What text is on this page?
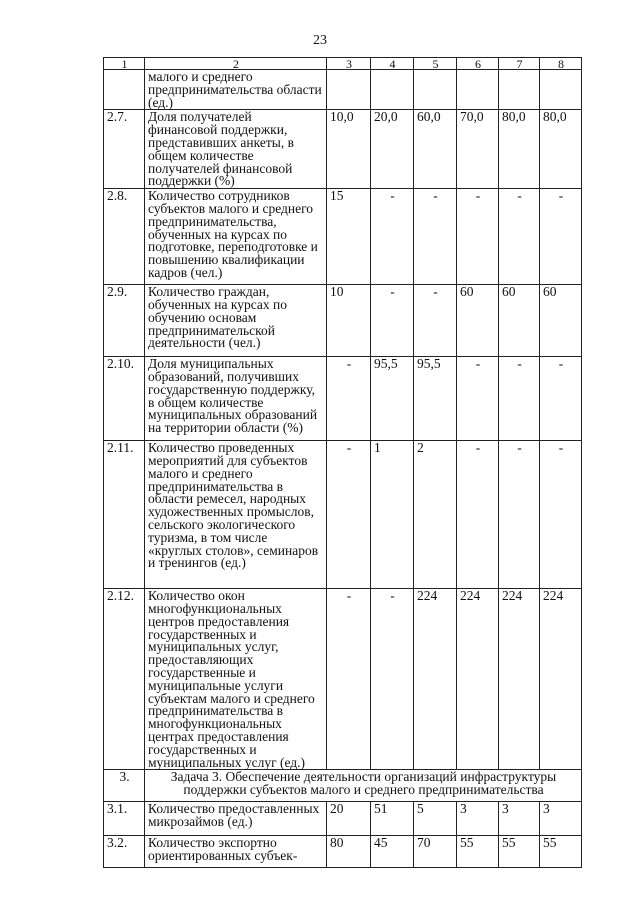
23
1	2	3	4	5	6	7	8
	малого и среднего предпринимательства области (ед.)						
2.7.	Доля получателей финансовой поддержки, представивших анкеты, в общем количестве получателей финансовой поддержки (%)	10,0	20,0	60,0	70,0	80,0	80,0
2.8.	Количество сотрудников субъектов малого и среднего предпринимательства, обученных на курсах по подготовке, переподготовке и повышению квалификации кадров (чел.)	15	-	-	-	-	-
2.9.	Количество граждан, обученных на курсах по обучению основам предпринимательской деятельности (чел.)	10	-	-	60	60	60
2.10.	Доля муниципальных образований, получивших государственную поддержку, в общем количестве муниципальных образований на территории области (%)	-	95,5	95,5	-	-	-
2.11.	Количество проведенных мероприятий для субъектов малого и среднего предпринимательства в области ремесел, народных художественных промыслов, сельского экологического туризма, в том числе «круглых столов», семинаров и тренингов (ед.)	-	1	2	-	-	-
2.12.	Количество окон многофункциональных центров предоставления государственных и муниципальных услуг, предоставляющих государственные и муниципальные услуги субъектам малого и среднего предпринимательства в многофункциональных центрах предоставления государственных и муниципальных услуг (ед.)	-	-	224	224	224	224
3.	Задача 3. Обеспечение деятельности организаций инфраструктуры поддержки субъектов малого и среднего предпринимательства						
3.1.	Количество предоставленных микрозаймов (ед.)	20	51	5	3	3	3
3.2.	Количество экспортно ориентированных субъек-	80	45	70	55	55	55
